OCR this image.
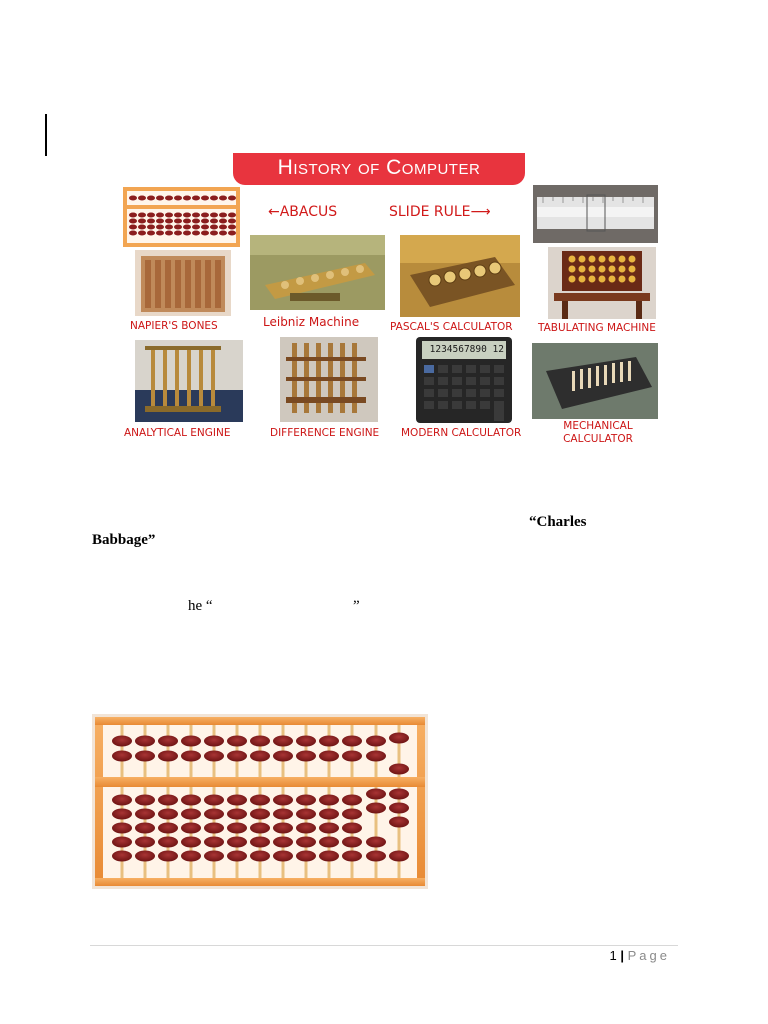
History of Computer
←ABACUS	SLIDE RULE⟶
NAPIER'S BONES	Leibniz Machine	PASCAL'S CALCULATOR TABULATING MACHINE
ANALYTICAL ENGINE	DIFFERENCE ENGINE
1234567890 12
MODERN CALCULATOR
MECHANICAL CALCULATOR
“Charles
Babbage”
he “	”
1 | Page
